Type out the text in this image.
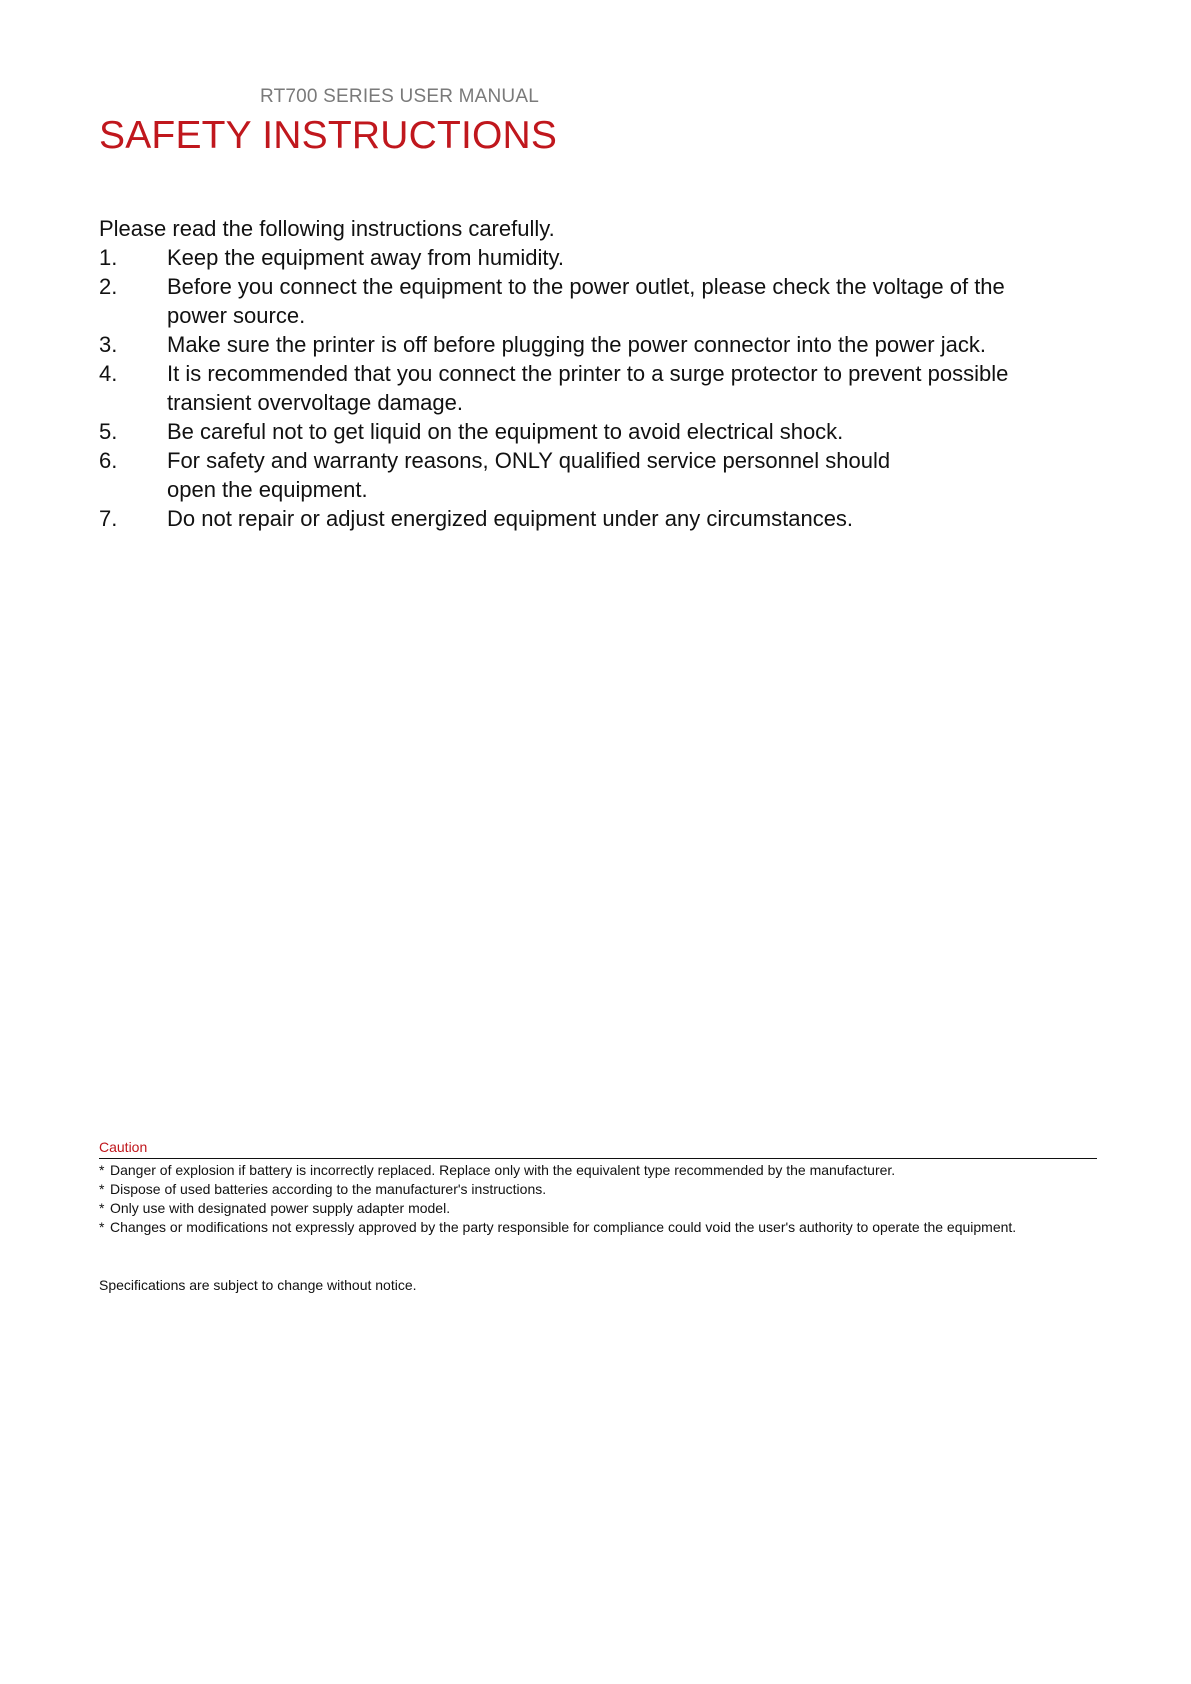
RT700 SERIES USER MANUAL
SAFETY INSTRUCTIONS
Please read the following instructions carefully.
1. Keep the equipment away from humidity.
2. Before you connect the equipment to the power outlet, please check the voltage of the power source.
3. Make sure the printer is off before plugging the power connector into the power jack.
4. It is recommended that you connect the printer to a surge protector to prevent possible transient overvoltage damage.
5. Be careful not to get liquid on the equipment to avoid electrical shock.
6. For safety and warranty reasons, ONLY qualified service personnel should open the equipment.
7. Do not repair or adjust energized equipment under any circumstances.
Caution
* Danger of explosion if battery is incorrectly replaced. Replace only with the equivalent type recommended by the manufacturer.
* Dispose of used batteries according to the manufacturer's instructions.
* Only use with designated power supply adapter model.
* Changes or modifications not expressly approved by the party responsible for compliance could void the user's authority to operate the equipment.
Specifications are subject to change without notice.
